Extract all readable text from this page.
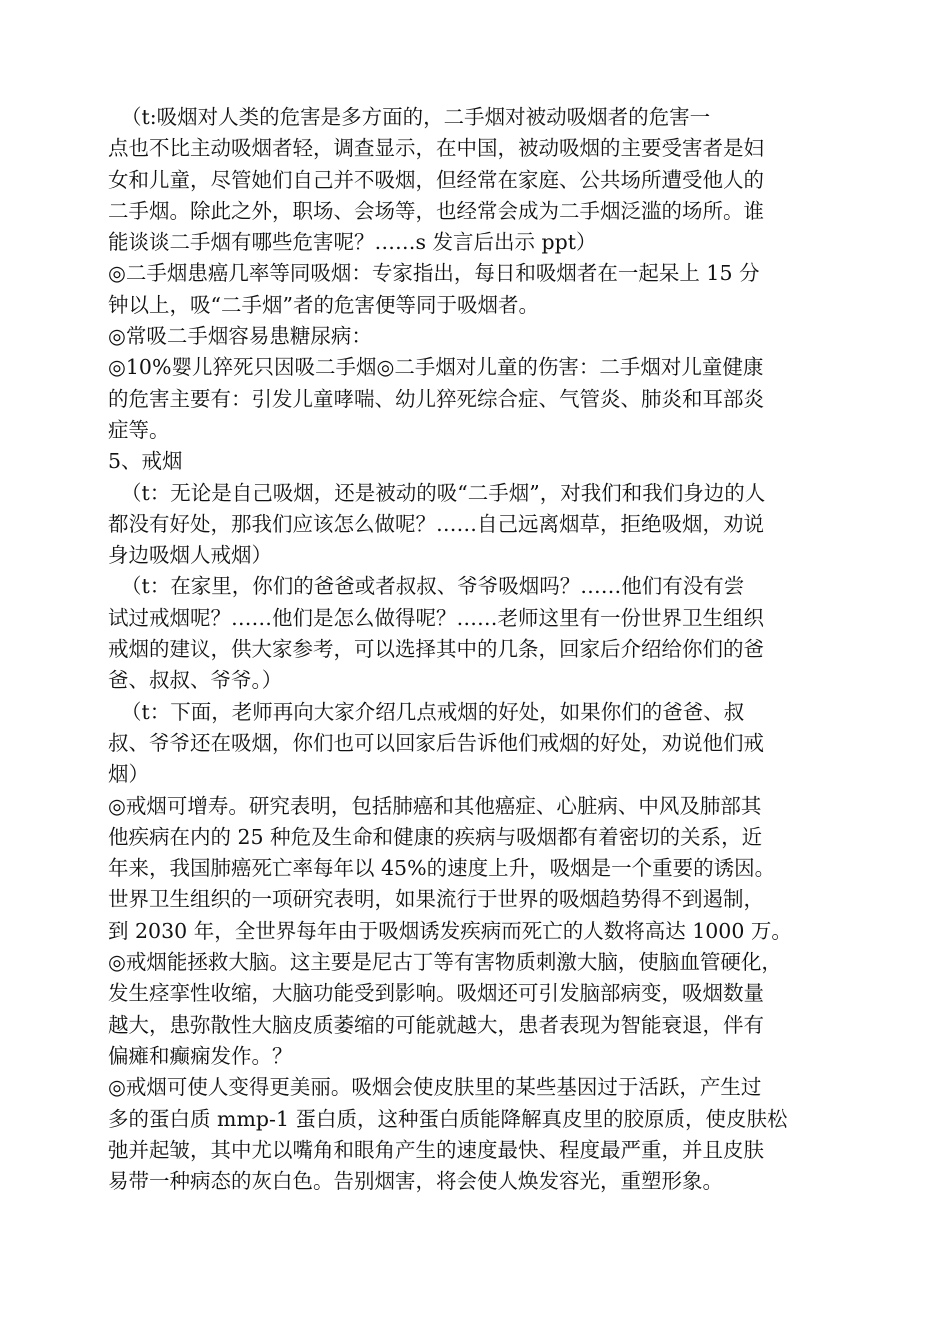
（t:吸烟对人类的危害是多方面的，二手烟对被动吸烟者的危害一
点也不比主动吸烟者轻，调查显示，在中国，被动吸烟的主要受害者是妇
女和儿童，尽管她们自己并不吸烟，但经常在家庭、公共场所遭受他人的
二手烟。除此之外，职场、会场等，也经常会成为二手烟泛滥的场所。谁
能谈谈二手烟有哪些危害呢？……s 发言后出示 ppt）
◎二手烟患癌几率等同吸烟：专家指出，每日和吸烟者在一起呆上 15 分
钟以上，吸“二手烟”者的危害便等同于吸烟者。
◎常吸二手烟容易患糖尿病：
◎10%婴儿猝死只因吸二手烟◎二手烟对儿童的伤害：二手烟对儿童健康
的危害主要有：引发儿童哮喘、幼儿猝死综合症、气管炎、肺炎和耳部炎
症等。
5、戒烟
（t：无论是自己吸烟，还是被动的吸“二手烟”，对我们和我们身边的人
都没有好处，那我们应该怎么做呢？……自己远离烟草，拒绝吸烟，劝说
身边吸烟人戒烟）
（t：在家里，你们的爸爸或者叔叔、爷爷吸烟吗？……他们有没有尝
试过戒烟呢？……他们是怎么做得呢？……老师这里有一份世界卫生组织
戒烟的建议，供大家参考，可以选择其中的几条，回家后介绍给你们的爸
爸、叔叔、爷爷。）
（t：下面，老师再向大家介绍几点戒烟的好处，如果你们的爸爸、叔
叔、爷爷还在吸烟，你们也可以回家后告诉他们戒烟的好处，劝说他们戒
烟）
◎戒烟可增寿。研究表明，包括肺癌和其他癌症、心脏病、中风及肺部其
他疾病在内的 25 种危及生命和健康的疾病与吸烟都有着密切的关系，近
年来，我国肺癌死亡率每年以 45%的速度上升，吸烟是一个重要的诱因。
世界卫生组织的一项研究表明，如果流行于世界的吸烟趋势得不到遏制，
到 2030 年，全世界每年由于吸烟诱发疾病而死亡的人数将高达 1000 万。
◎戒烟能拯救大脑。这主要是尼古丁等有害物质刺激大脑，使脑血管硬化，
发生痉挛性收缩，大脑功能受到影响。吸烟还可引发脑部病变，吸烟数量
越大，患弥散性大脑皮质萎缩的可能就越大，患者表现为智能衰退，伴有
偏瘫和癫痫发作。？
◎戒烟可使人变得更美丽。吸烟会使皮肤里的某些基因过于活跃，产生过
多的蛋白质 mmp-1 蛋白质，这种蛋白质能降解真皮里的胶原质，使皮肤松
弛并起皱，其中尤以嘴角和眼角产生的速度最快、程度最严重，并且皮肤
易带一种病态的灰白色。告别烟害，将会使人焕发容光，重塑形象。
